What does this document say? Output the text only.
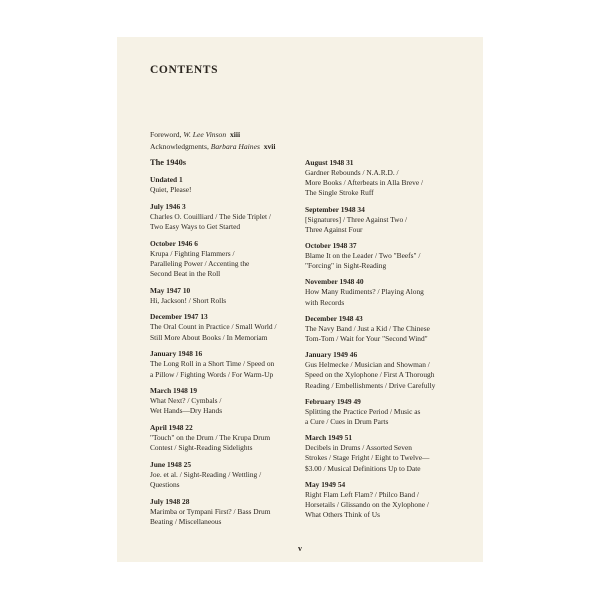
CONTENTS
Foreword, W. Lee Vinson xiii
Acknowledgments, Barbara Haines xvii
The 1940s
Undated 1
Quiet, Please!
July 1946 3
Charles O. Couilliard / The Side Triplet /
Two Easy Ways to Get Started
October 1946 6
Krupa / Fighting Flammers /
Paralleling Power / Accenting the
Second Beat in the Roll
May 1947 10
Hi, Jackson! / Short Rolls
December 1947 13
The Oral Count in Practice / Small World /
Still More About Books / In Memoriam
January 1948 16
The Long Roll in a Short Time / Speed on
a Pillow / Fighting Words / For Warm-Up
March 1948 19
What Next? / Cymbals /
Wet Hands—Dry Hands
April 1948 22
"Touch" on the Drum / The Krupa Drum
Contest / Sight-Reading Sidelights
June 1948 25
Joe. et al. / Sight-Reading / Wettling /
Questions
July 1948 28
Marimba or Tympani First? / Bass Drum
Beating / Miscellaneous
August 1948 31
Gardner Rebounds / N.A.R.D. /
More Books / Afterbeats in Alla Breve /
The Single Stroke Ruff
September 1948 34
[Signatures] / Three Against Two /
Three Against Four
October 1948 37
Blame It on the Leader / Two "Beefs" /
"Forcing" in Sight-Reading
November 1948 40
How Many Rudiments? / Playing Along
with Records
December 1948 43
The Navy Band / Just a Kid / The Chinese
Tom-Tom / Wait for Your "Second Wind"
January 1949 46
Gus Helmecke / Musician and Showman /
Speed on the Xylophone / First A Thorough
Reading / Embellishments / Drive Carefully
February 1949 49
Splitting the Practice Period / Music as
a Cure / Cues in Drum Parts
March 1949 51
Decibels in Drums / Assorted Seven
Strokes / Stage Fright / Eight to Twelve—
$3.00 / Musical Definitions Up to Date
May 1949 54
Right Flam Left Flam? / Philco Band /
Horsetails / Glissando on the Xylophone /
What Others Think of Us
v
